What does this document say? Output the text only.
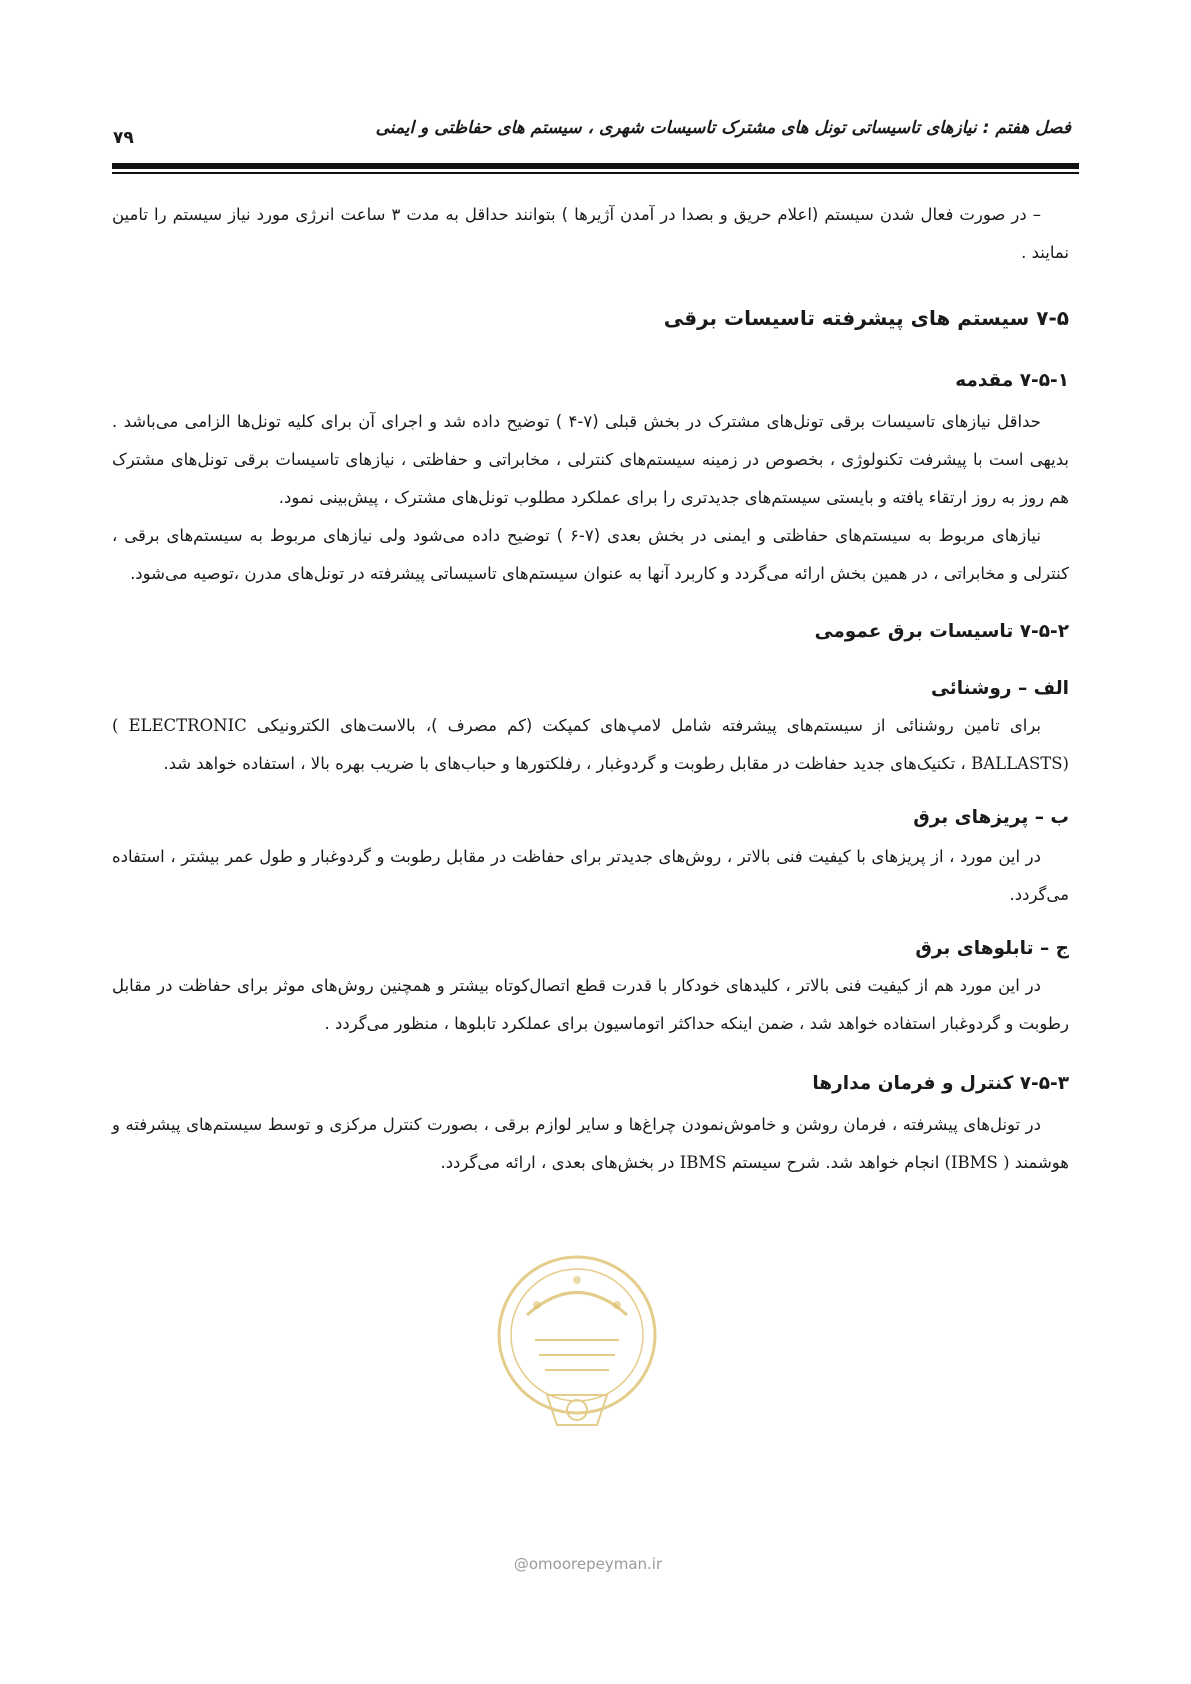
فصل هفتم : نیازهای تاسیساتی تونل های مشترک تاسیسات شهری ، سیستم های حفاظتی و ایمنی
۷۹

– در صورت فعال شدن سیستم (اعلام حریق و بصدا در آمدن آژیرها ) بتوانند حداقل به مدت ۳ ساعت انرژی مورد نیاز سیستم را تامین نمایند .

۷-۵ سیستم های پیشرفته تاسیسات برقی
۷-۵-۱ مقدمه

حداقل نیازهای تاسیسات برقی تونل‌های مشترک در بخش قبلی (۷-۴ ) توضیح داده شد و اجرای آن برای کلیه تونل‌ها الزامی می‌باشد . بدیهی است با پیشرفت تکنولوژی ، بخصوص در زمینه سیستم‌های کنترلی ، مخابراتی و حفاظتی ، نیازهای تاسیسات برقی تونل‌های مشترک هم روز به روز ارتقاء یافته و بایستی سیستم‌های جدیدتری را برای عملکرد مطلوب تونل‌های مشترک ، پیش‌بینی نمود.

نیازهای مربوط به سیستم‌های حفاظتی و ایمنی در بخش بعدی (۷-۶ ) توضیح داده می‌شود ولی نیازهای مربوط به سیستم‌های برقی ، کنترلی و مخابراتی ، در همین بخش ارائه می‌گردد و کاربرد آنها به عنوان سیستم‌های تاسیساتی پیشرفته در تونل‌های مدرن ،توصیه می‌شود.

۷-۵-۲ تاسیسات برق عمومی
الف – روشنائی

برای تامین روشنائی از سیستم‌های پیشرفته شامل لامپ‌های کمپکت (کم مصرف )، بالاست‌های الکترونیکی ( ELECTRONIC BALLASTS) ، تکنیک‌های جدید حفاظت در مقابل رطوبت و گردوغبار ، رفلکتورها و حباب‌های با ضریب بهره بالا ، استفاده خواهد شد.

ب – پریزهای برق

در این مورد ، از پریزهای با کیفیت فنی بالاتر ، روش‌های جدیدتر برای حفاظت در مقابل رطوبت و گردوغبار و طول عمر بیشتر ، استفاده می‌گردد.

ج – تابلوهای برق

در این مورد هم از کیفیت فنی بالاتر ، کلیدهای خودکار با قدرت قطع اتصال‌کوتاه بیشتر و همچنین روش‌های موثر برای حفاظت در مقابل رطوبت و گردوغبار استفاده خواهد شد ، ضمن اینکه حداکثر اتوماسیون برای عملکرد تابلوها ، منظور می‌گردد .

۷-۵-۳ کنترل و فرمان مدارها

در تونل‌های پیشرفته ، فرمان روشن و خاموش‌نمودن چراغ‌ها و سایر لوازم برقی ، بصورت کنترل مرکزی و توسط سیستم‌های پیشرفته و هوشمند (IBMS ) انجام خواهد شد. شرح سیستم IBMS در بخش‌های بعدی ، ارائه می‌گردد.

@omoorepeyman.ir
